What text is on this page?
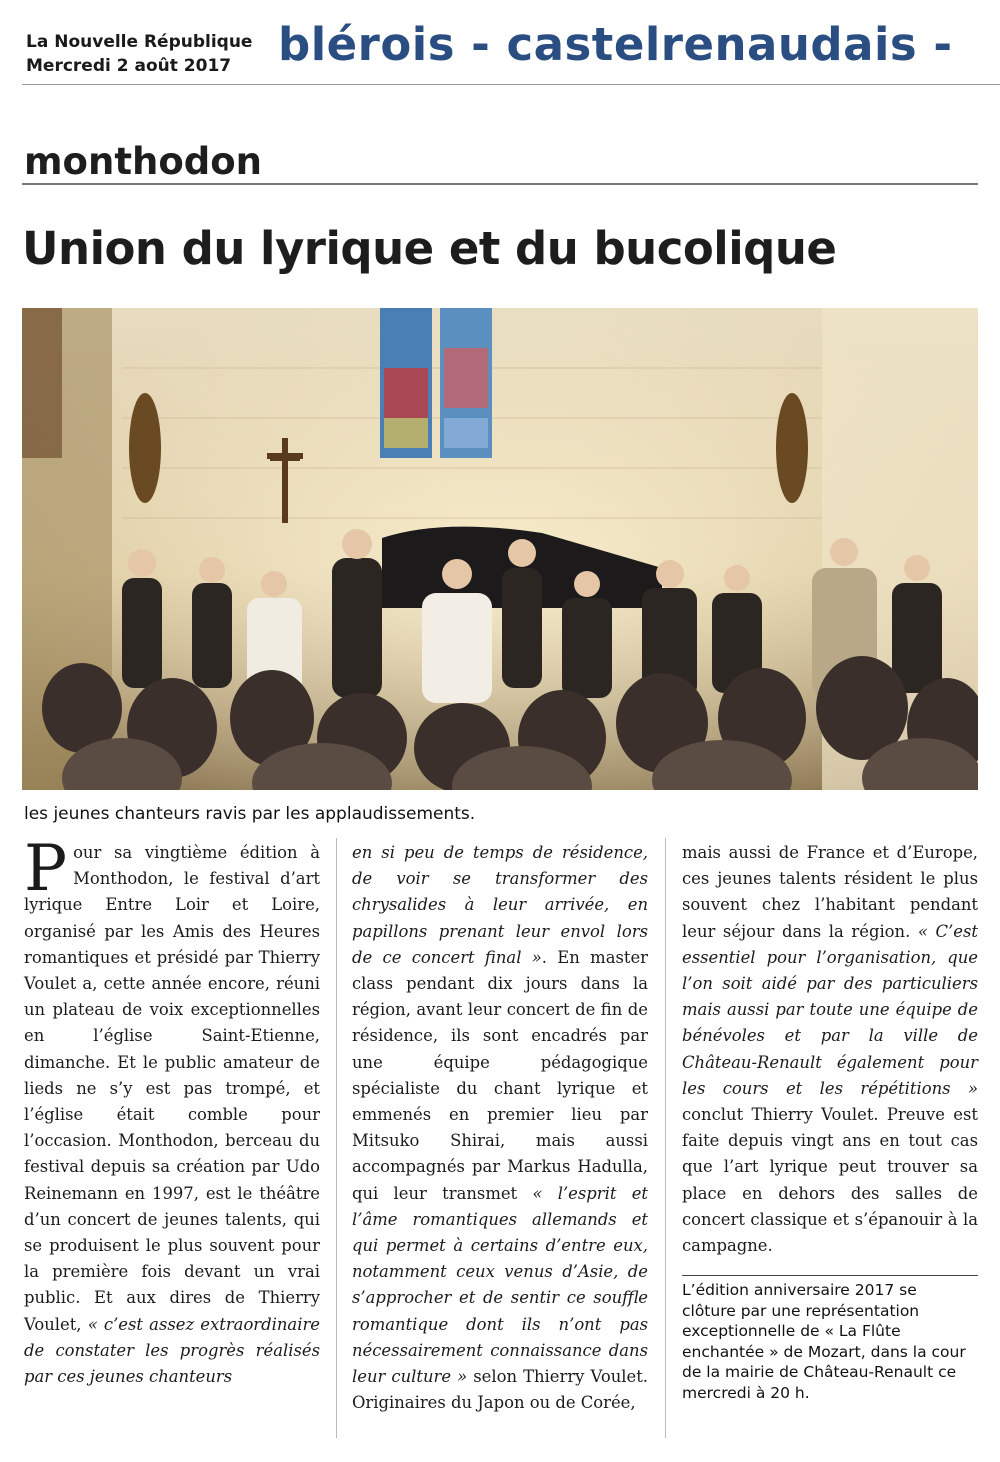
La Nouvelle République
Mercredi 2 août 2017	blérois - castelrenaudais -
monthodon
Union du lyrique et du bucolique
les jeunes chanteurs ravis par les applaudissements.
P our sa vingtième édition à Monthodon, le festival d’art lyrique Entre Loir et Loire, organisé par les Amis des Heures romantiques et présidé par Thierry Voulet a, cette année encore, réuni un plateau de voix exceptionnelles en l’église Saint-Etienne, dimanche. Et le public amateur de lieds ne s’y est pas trompé, et l’église était comble pour l’occasion. Monthodon, berceau du festival depuis sa création par Udo Reinemann en 1997, est le théâtre d’un concert de jeunes talents, qui se produisent le plus souvent pour la première fois devant un vrai public. Et aux dires de Thierry Voulet, « c’est assez extraordinaire de constater les progrès réalisés par ces jeunes chanteurs

en si peu de temps de résidence, de voir se transformer des chrysalides à leur arrivée, en papillons prenant leur envol lors de ce concert final ». En master class pendant dix jours dans la région, avant leur concert de fin de résidence, ils sont encadrés par une équipe pédagogique spécialiste du chant lyrique et emmenés en premier lieu par Mitsuko Shirai, mais aussi accompagnés par Markus Hadulla, qui leur transmet « l’esprit et l’âme romantiques allemands et qui permet à certains d’entre eux, notamment ceux venus d’Asie, de s’approcher et de sentir ce souffle romantique dont ils n’ont pas nécessairement connaissance dans leur culture » selon Thierry Voulet. Originaires du Japon ou de Corée,

mais aussi de France et d’Europe, ces jeunes talents résident le plus souvent chez l’habitant pendant leur séjour dans la région. « C’est essentiel pour l’organisation, que l’on soit aidé par des particuliers mais aussi par toute une équipe de bénévoles et par la ville de Château-Renault également pour les cours et les répétitions » conclut Thierry Voulet. Preuve est faite depuis vingt ans en tout cas que l’art lyrique peut trouver sa place en dehors des salles de concert classique et s’épanouir à la campagne.

L’édition anniversaire 2017 se clôture par une représentation exceptionnelle de « La Flûte enchantée » de Mozart, dans la cour de la mairie de Château-Renault ce mercredi à 20 h.
